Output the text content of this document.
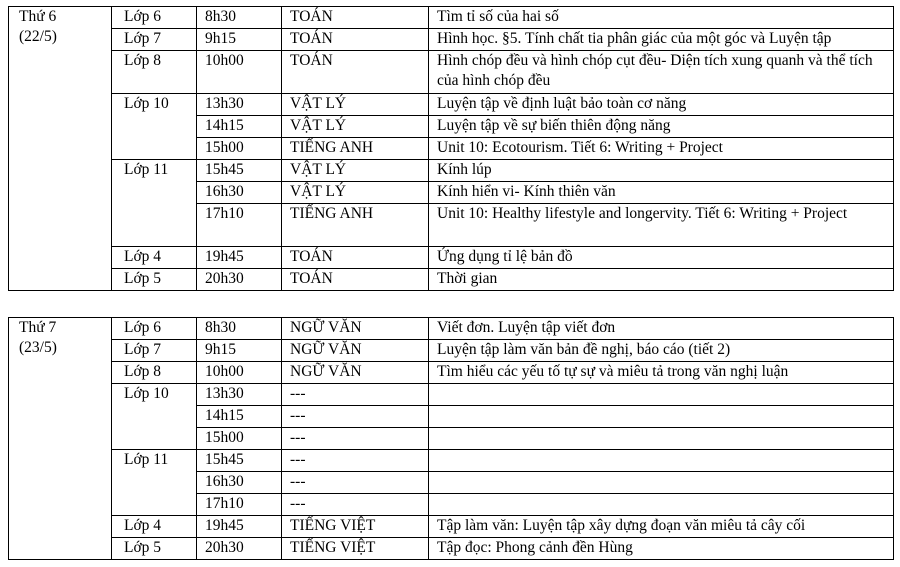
Thứ 6
(22/5)	Lớp 6	8h30	TOÁN	Tìm tỉ số của hai số
	Lớp 7	9h15	TOÁN	Hình học. §5. Tính chất tia phân giác của một góc và Luyện tập
	Lớp 8	10h00	TOÁN	Hình chóp đều và hình chóp cụt đều- Diện tích xung quanh và thể tích của hình chóp đều
	Lớp 10	13h30	VẬT LÝ	Luyện tập về định luật bảo toàn cơ năng
		14h15	VẬT LÝ	Luyện tập về sự biến thiên động năng
		15h00	TIẾNG ANH	Unit 10: Ecotourism. Tiết 6: Writing + Project
	Lớp 11	15h45	VẬT LÝ	Kính lúp
		16h30	VẬT LÝ	Kính hiển vi- Kính thiên văn
		17h10	TIẾNG ANH	Unit 10: Healthy lifestyle and longervity. Tiết 6: Writing + Project
	Lớp 4	19h45	TOÁN	Ứng dụng tỉ lệ bản đồ
	Lớp 5	20h30	TOÁN	Thời gian
Thứ 7
(23/5)	Lớp 6	8h30	NGỮ VĂN	Viết đơn. Luyện tập viết đơn
	Lớp 7	9h15	NGỮ VĂN	Luyện tập làm văn bản đề nghị, báo cáo (tiết 2)
	Lớp 8	10h00	NGỮ VĂN	Tìm hiểu các yếu tố tự sự và miêu tả trong văn nghị luận
	Lớp 10	13h30	---	
		14h15	---	
		15h00	---	
	Lớp 11	15h45	---	
		16h30	---	
		17h10	---	
	Lớp 4	19h45	TIẾNG VIỆT	Tập làm văn: Luyện tập xây dựng đoạn văn miêu tả cây cối
	Lớp 5	20h30	TIẾNG VIỆT	Tập đọc: Phong cảnh đền Hùng
